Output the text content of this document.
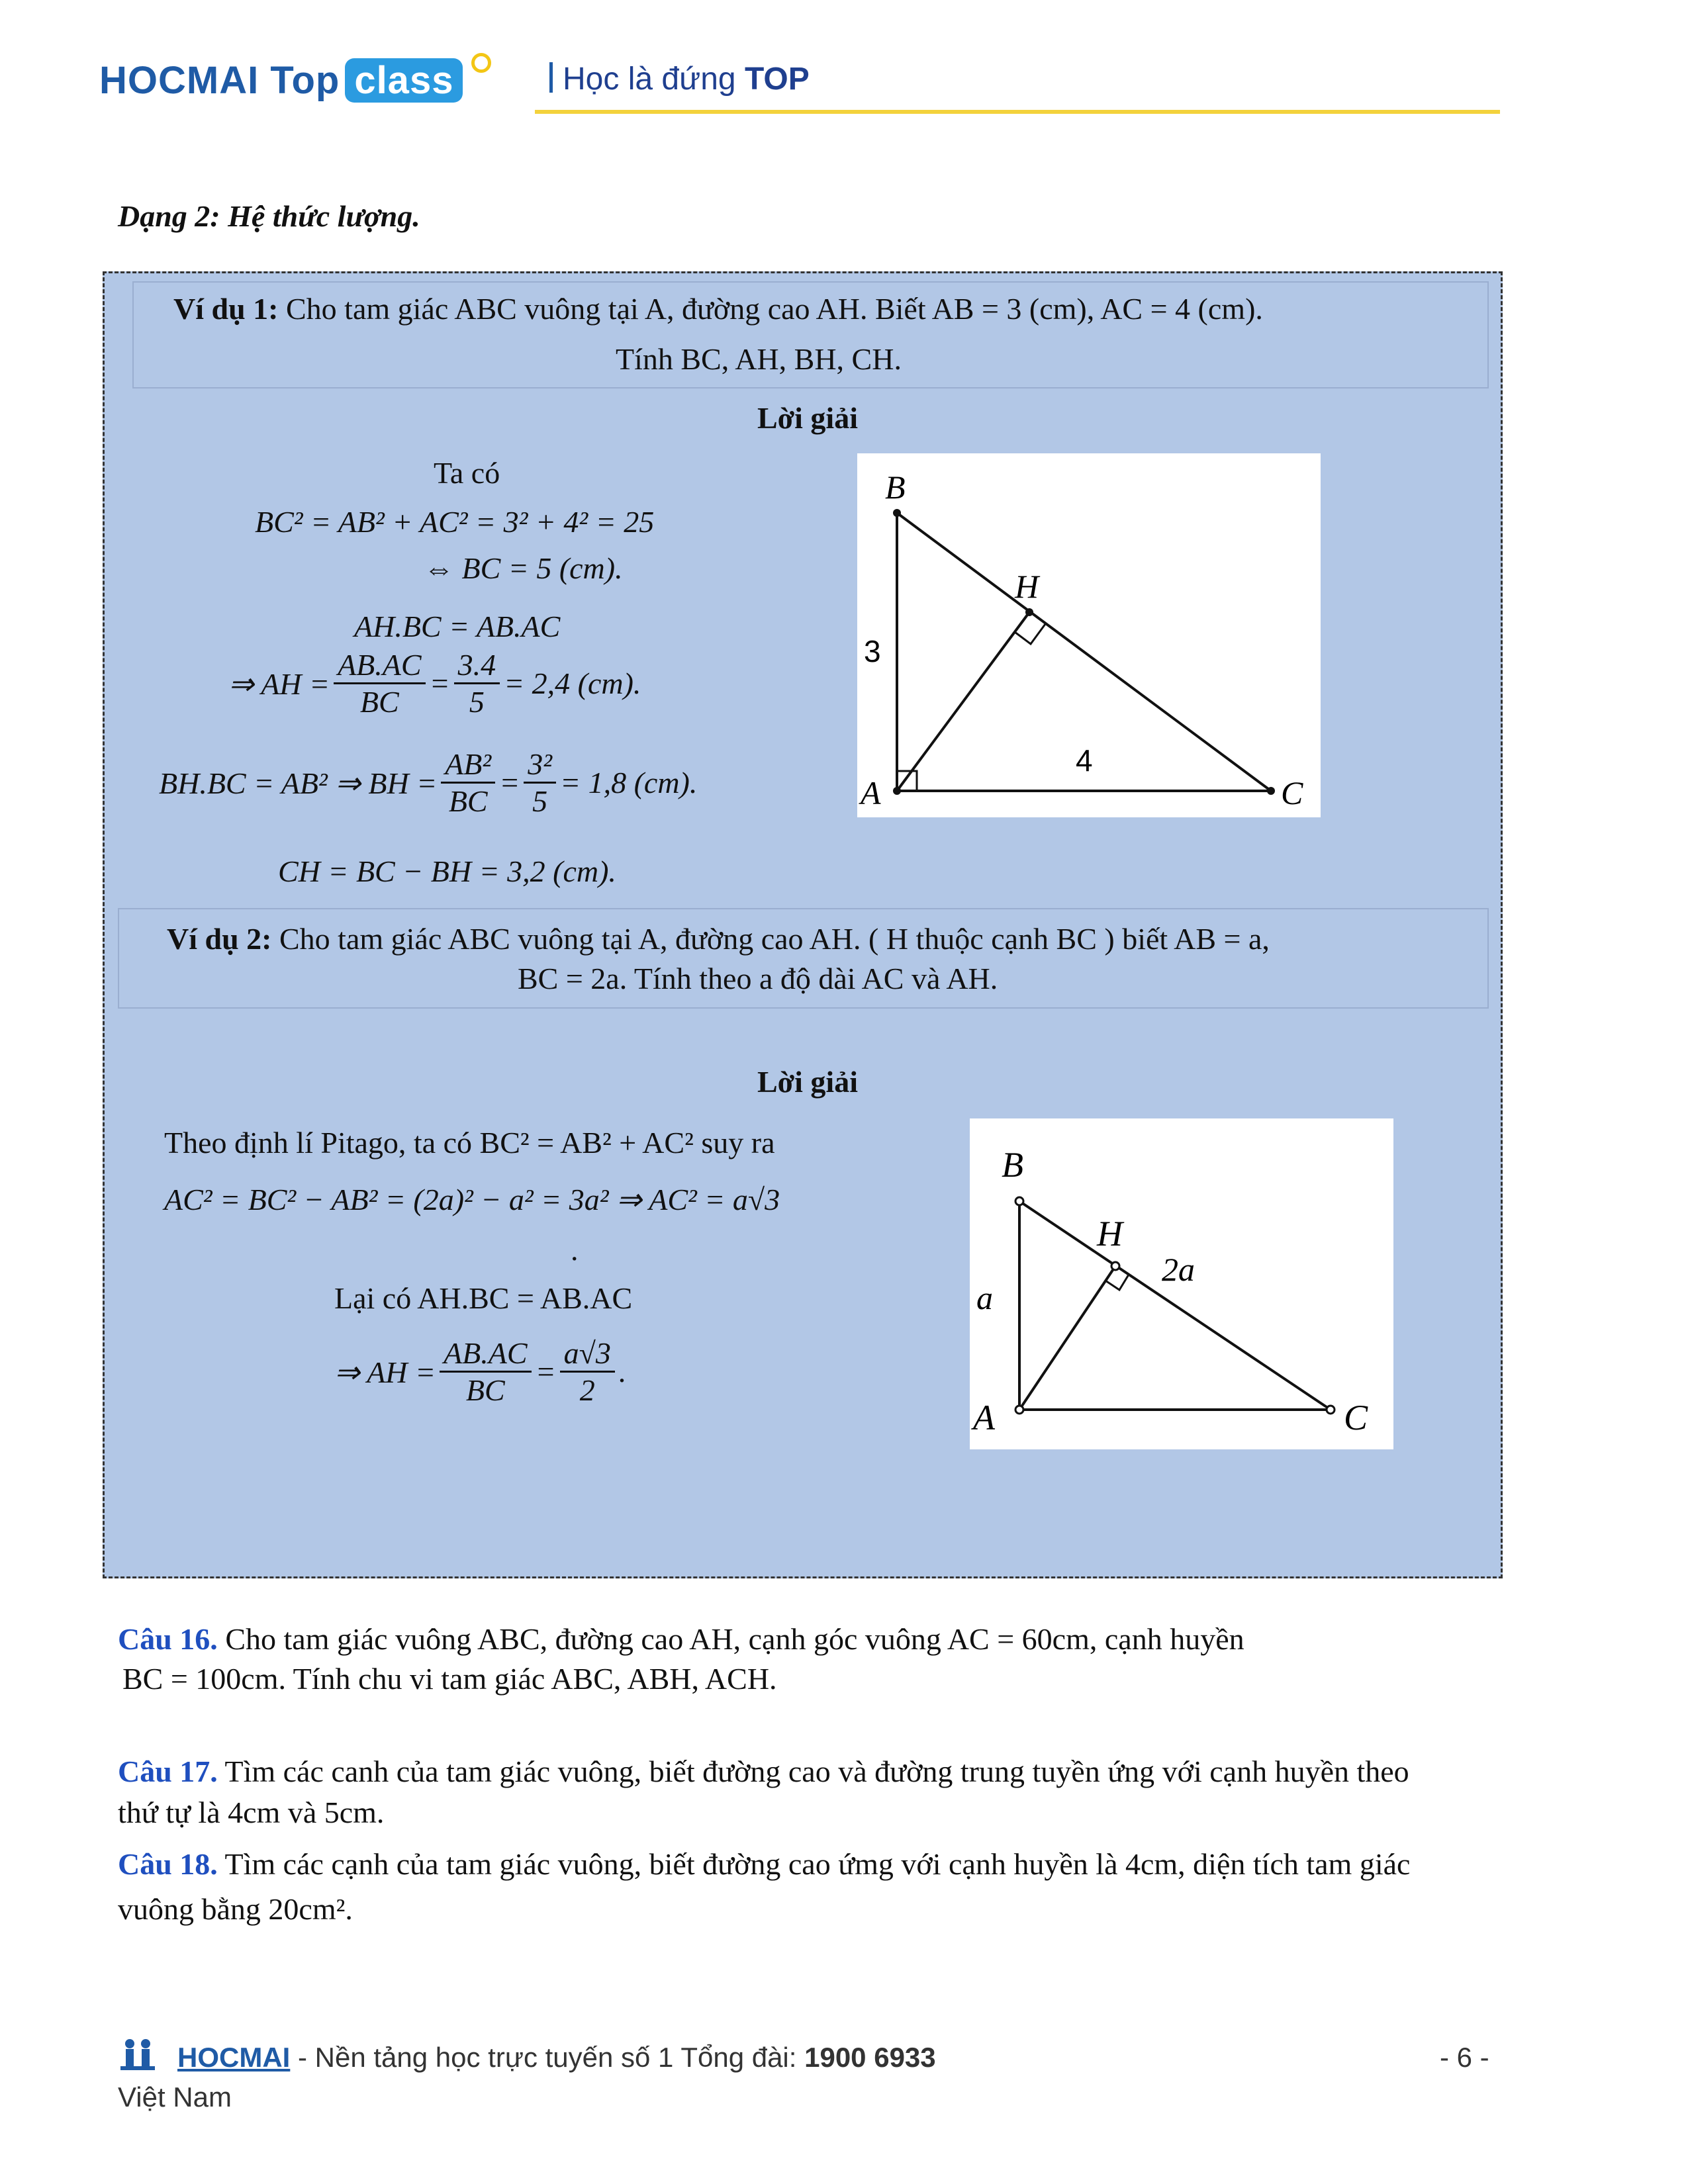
HOCMAI Top class	Học là đứng TOP
Dạng 2: Hệ thức lượng.
Ví dụ 1: Cho tam giác ABC vuông tại A, đường cao AH. Biết AB = 3 (cm), AC = 4 (cm).
Tính BC, AH, BH, CH.
Lời giải
Ta có
BC² = AB² + AC² = 3² + 4² = 25
⇔ BC = 5 (cm).
AH.BC = AB.AC
⇒ AH = $\frac{AB.AC}{BC} = \frac{3.4}{5} = 2,4$ (cm).
BH.BC = AB² ⇒ BH = $\frac{\text{AB²}}{BC} = \frac{\text{3²}}{5} = 1,8$ (cm).
CH = BC − BH = 3,2 (cm).
B
H
A	C
3
4
Ví dụ 2: Cho tam giác ABC vuông tại A, đường cao AH. ( H thuộc cạnh BC ) biết AB = a,
BC = 2a. Tính theo a độ dài AC và AH.
Lời giải
Theo định lí Pitago, ta có BC² = AB² + AC² suy ra
AC² = BC² − AB² = (2a)² − a² = 3a² ⇒ AC² = a√3
.
Lại có AH.BC = AB.AC
⇒ AH = $\frac{AB.AC}{BC} = \frac{a√3}{2}$ .
B
H
A	C
a
2a
Câu 16. Cho tam giác vuông ABC, đường cao AH, cạnh góc vuông AC = 60cm, cạnh huyền
BC = 100cm. Tính chu vi tam giác ABC, ABH, ACH.
Câu 17. Tìm các canh của tam giác vuông, biết đường cao và đường trung tuyền ứng với cạnh huyền theo
thứ tự là 4cm và 5cm.
Câu 18. Tìm các cạnh của tam giác vuông, biết đường cao ứmg với cạnh huyền là 4cm, diện tích tam giác
vuông bằng 20cm².
HOCMAI - Nền tảng học trực tuyến số 1 Tổng đài: 1900 6933
Việt Nam
- 6 -
